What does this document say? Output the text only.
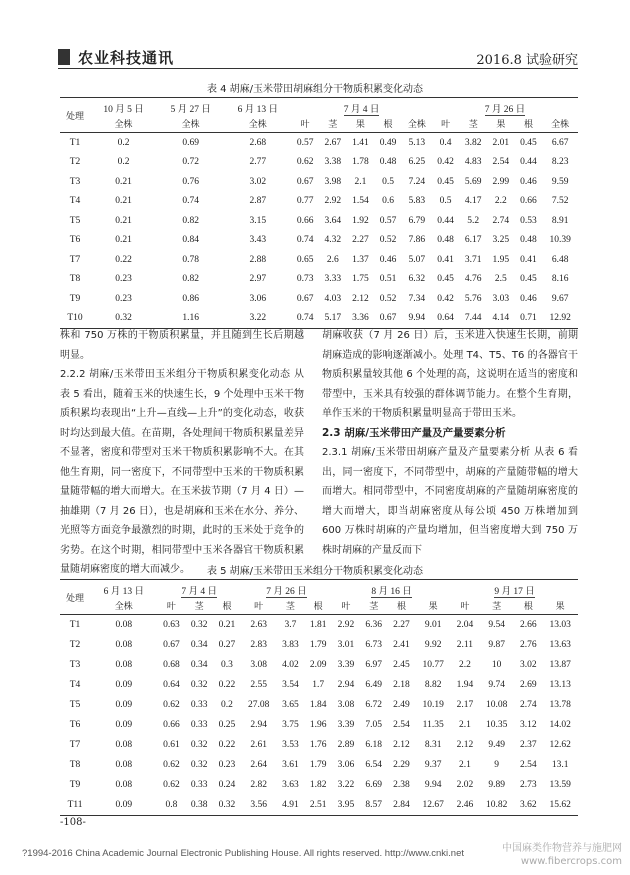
农业科技通讯	2016.8 试验研究
表 4 胡麻/玉米带田胡麻组分干物质积累变化动态
处理	10 月 5 日	5 月 27 日	6 月 13 日	7 月 4 日					7 月 26 日				
	全株	全株	全株	叶	茎	果	根	全株	叶	茎	果	根	全株
T1	0.2	0.69	2.68	0.57	2.67	1.41	0.49	5.13	0.4	3.82	2.01	0.45	6.67
T2	0.2	0.72	2.77	0.62	3.38	1.78	0.48	6.25	0.42	4.83	2.54	0.44	8.23
T3	0.21	0.76	3.02	0.67	3.98	2.1	0.5	7.24	0.45	5.69	2.99	0.46	9.59
T4	0.21	0.74	2.87	0.77	2.92	1.54	0.6	5.83	0.5	4.17	2.2	0.66	7.52
T5	0.21	0.82	3.15	0.66	3.64	1.92	0.57	6.79	0.44	5.2	2.74	0.53	8.91
T6	0.21	0.84	3.43	0.74	4.32	2.27	0.52	7.86	0.48	6.17	3.25	0.48	10.39
T7	0.22	0.78	2.88	0.65	2.6	1.37	0.46	5.07	0.41	3.71	1.95	0.41	6.48
T8	0.23	0.82	2.97	0.73	3.33	1.75	0.51	6.32	0.45	4.76	2.5	0.45	8.16
T9	0.23	0.86	3.06	0.67	4.03	2.12	0.52	7.34	0.42	5.76	3.03	0.46	9.67
T10	0.32	1.16	3.22	0.74	5.17	3.36	0.67	9.94	0.64	7.44	4.14	0.71	12.92

株和 750 万株的干物质积累量，并且随到生长后期越明显。

2.2.2 胡麻/玉米带田玉米组分干物质积累变化动态 从表 5 看出，随着玉米的快速生长，9 个处理中玉米干物质积累均表现出“上升—直线—上升”的变化动态，收获时均达到最大值。在苗期，各处理间干物质积累量差异不显著，密度和带型对玉米干物质积累影响不大。在其他生育期，同一密度下，不同带型中玉米的干物质积累量随带幅的增大而增大。在玉米拔节期（7 月 4 日）—抽雄期（7 月 26 日），也是胡麻和玉米在水分、养分、光照等方面竞争最激烈的时期，此时的玉米处于竞争的劣势。在这个时期，相同带型中玉米各器官干物质积累量随胡麻密度的增大而减少。

胡麻收获（7 月 26 日）后，玉米进入快速生长期，前期胡麻造成的影响逐渐减小。处理 T4、T5、T6 的各器官干物质积累量较其他 6 个处理的高，这说明在适当的密度和带型中，玉米具有较强的群体调节能力。在整个生育期，单作玉米的干物质积累量明显高于带田玉米。

2.3 胡麻/玉米带田产量及产量要素分析

2.3.1 胡麻/玉米带田胡麻产量及产量要素分析 从表 6 看出，同一密度下，不同带型中，胡麻的产量随带幅的增大而增大。相同带型中，不同密度胡麻的产量随胡麻密度的增大而增大，即当胡麻密度从每公顷 450 万株增加到 600 万株时胡麻的产量均增加，但当密度增大到 750 万株时胡麻的产量反而下

表 5 胡麻/玉米带田玉米组分干物质积累变化动态
处理	6 月 13 日	7 月 4 日			7 月 26 日			8 月 16 日				9 月 17 日			
	全株	叶	茎	根	叶	茎	根	叶	茎	根	果	叶	茎	根	果
T1	0.08	0.63	0.32	0.21	2.63	3.7	1.81	2.92	6.36	2.27	9.01	2.04	9.54	2.66	13.03
T2	0.08	0.67	0.34	0.27	2.83	3.83	1.79	3.01	6.73	2.41	9.92	2.11	9.87	2.76	13.63
T3	0.08	0.68	0.34	0.3	3.08	4.02	2.09	3.39	6.97	2.45	10.77	2.2	10	3.02	13.87
T4	0.09	0.64	0.32	0.22	2.55	3.54	1.7	2.94	6.49	2.18	8.82	1.94	9.74	2.69	13.13
T5	0.09	0.62	0.33	0.2	27.08	3.65	1.84	3.08	6.72	2.49	10.19	2.17	10.08	2.74	13.78
T6	0.09	0.66	0.33	0.25	2.94	3.75	1.96	3.39	7.05	2.54	11.35	2.1	10.35	3.12	14.02
T7	0.08	0.61	0.32	0.22	2.61	3.53	1.76	2.89	6.18	2.12	8.31	2.12	9.49	2.37	12.62
T8	0.08	0.62	0.32	0.23	2.64	3.61	1.79	3.06	6.54	2.29	9.37	2.1	9	2.54	13.1
T9	0.08	0.62	0.33	0.24	2.82	3.63	1.82	3.22	6.69	2.38	9.94	2.02	9.89	2.73	13.59
T11	0.09	0.8	0.38	0.32	3.56	4.91	2.51	3.95	8.57	2.84	12.67	2.46	10.82	3.62	15.62
-108-
?1994-2016 China Academic Journal Electronic Publishing House. All rights reserved. http://www.cnki.net	中国麻类作物营养与施肥网
www.fibercrops.com
